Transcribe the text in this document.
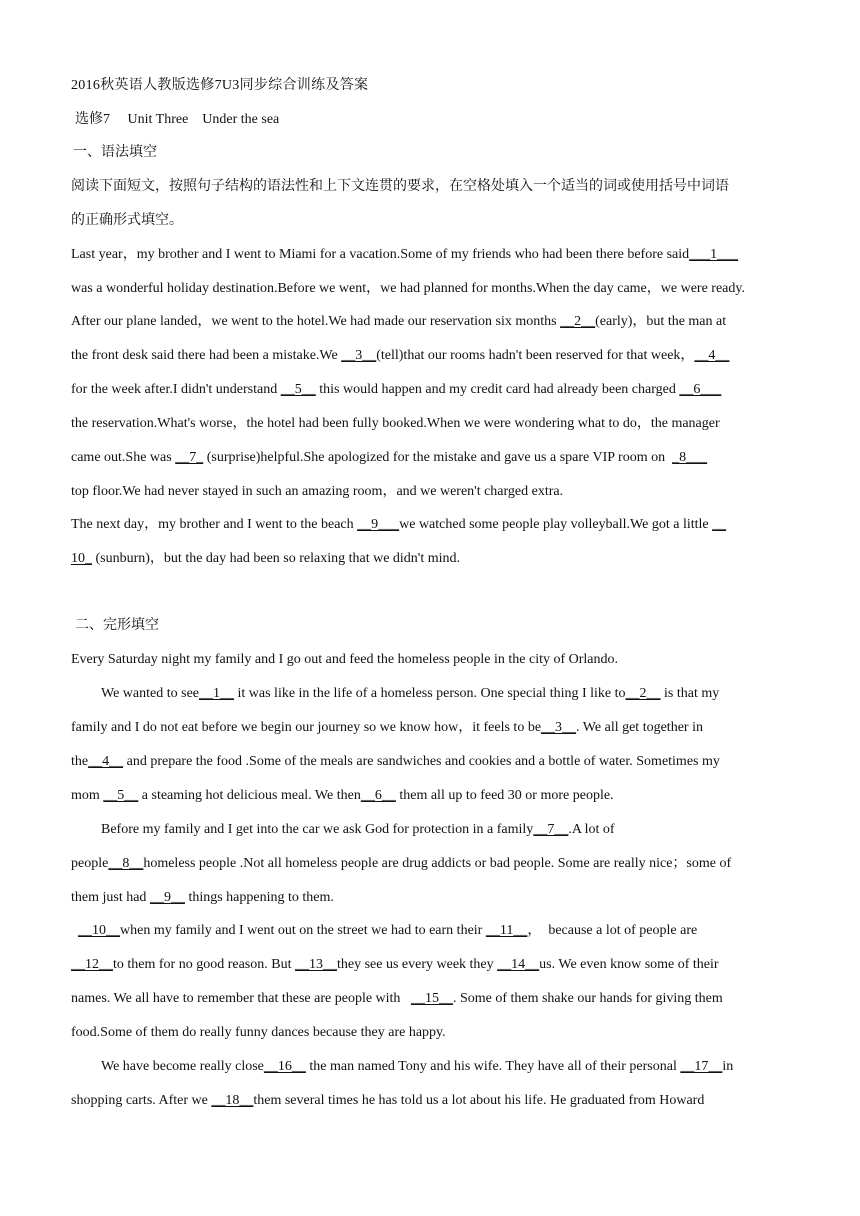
2016秋英语人教版选修7U3同步综合训练及答案
选修7　 Unit Three　Under the sea
一、语法填空
阅读下面短文，按照句子结构的语法性和上下文连贯的要求，在空格处填入一个适当的词或使用括号中词语
的正确形式填空。
二、完形填空
Last year，my brother and I went to Miami for a vacation.Some of my friends who had been there before said___1___
was a wonderful holiday destination.Before we went，we had planned for months.When the day came，we were ready.
After our plane landed，we went to the hotel.We had made our reservation six months __2__(early)，but the man at
the front desk said there had been a mistake.We __3__(tell)that our rooms hadn't been reserved for that week，__4__
for the week after.I didn't understand __5__ this would happen and my credit card had already been charged __6___
the reservation.What's worse，the hotel had been fully booked.When we were wondering what to do，the manager
came out.She was __7_ (surprise)helpful.She apologized for the mistake and gave us a spare VIP room on  _8___
top floor.We had never stayed in such an amazing room，and we weren't charged extra.
The next day，my brother and I went to the beach __9___we watched some people play volleyball.We got a little __
10_ (sunburn)，but the day had been so relaxing that we didn't mind.
Every Saturday night my family and I go out and feed the homeless people in the city of Orlando.
We wanted to see__1__ it was like in the life of a homeless person. One special thing I like to__2__ is that my
family and I do not eat before we begin our journey so we know how，it feels to be__3__. We all get together in
the__4__ and prepare the food .Some of the meals are sandwiches and cookies and a bottle of water. Sometimes my
mom __5__ a steaming hot delicious meal. We then__6__ them all up to feed 30 or more people.
Before my family and I get into the car we ask God for protection in a family__7__.A lot of
people__8__homeless people .Not all homeless people are drug addicts or bad people. Some are really nice；some of
them just had __9__ things happening to them.
__10__when my family and I went out on the street we had to earn their __11__，  because a lot of people are
__12__to them for no good reason. But __13__they see us every week they __14__us. We even know some of their
names. We all have to remember that these are people with   __15__. Some of them shake our hands for giving them
food.Some of them do really funny dances because they are happy.
We have become really close__16__ the man named Tony and his wife. They have all of their personal __17__in
shopping carts. After we __18__them several times he has told us a lot about his life. He graduated from Howard
